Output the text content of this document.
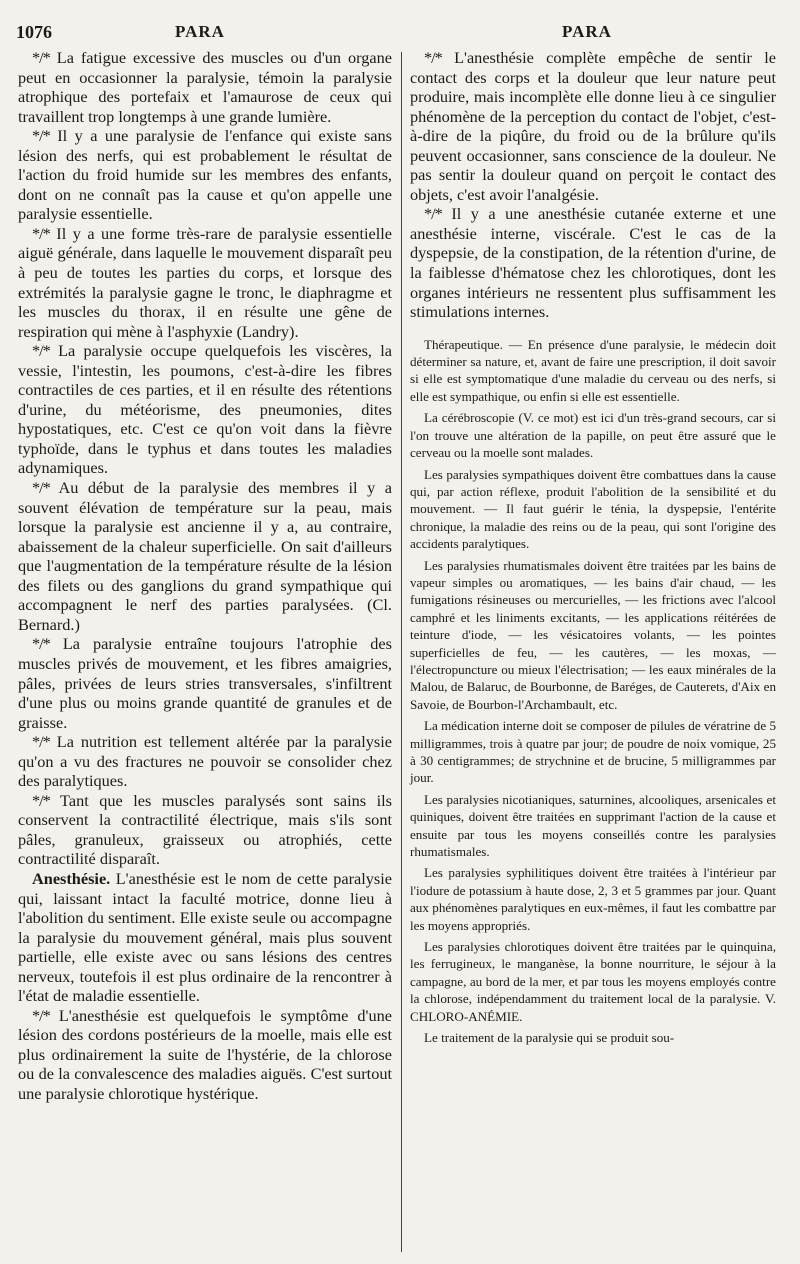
1076	PARA	PARA

*/* La fatigue excessive des muscles ou d'un organe peut en occasionner la paralysie, témoin la paralysie atrophique des portefaix et l'amaurose de ceux qui travaillent trop longtemps à une grande lumière.

*/* Il y a une paralysie de l'enfance qui existe sans lésion des nerfs, qui est probablement le résultat de l'action du froid humide sur les membres des enfants, dont on ne connaît pas la cause et qu'on appelle une paralysie essentielle.

*/* Il y a une forme très-rare de paralysie essentielle aiguë générale, dans laquelle le mouvement disparaît peu à peu de toutes les parties du corps, et lorsque des extrémités la paralysie gagne le tronc, le diaphragme et les muscles du thorax, il en résulte une gêne de respiration qui mène à l'asphyxie (Landry).

*/* La paralysie occupe quelquefois les viscères, la vessie, l'intestin, les poumons, c'est-à-dire les fibres contractiles de ces parties, et il en résulte des rétentions d'urine, du météorisme, des pneumonies, dites hypostatiques, etc. C'est ce qu'on voit dans la fièvre typhoïde, dans le typhus et dans toutes les maladies adynamiques.

*/* Au début de la paralysie des membres il y a souvent élévation de température sur la peau, mais lorsque la paralysie est ancienne il y a, au contraire, abaissement de la chaleur superficielle. On sait d'ailleurs que l'augmentation de la température résulte de la lésion des filets ou des ganglions du grand sympathique qui accompagnent le nerf des parties paralysées. (Cl. Bernard.)

*/* La paralysie entraîne toujours l'atrophie des muscles privés de mouvement, et les fibres amaigries, pâles, privées de leurs stries transversales, s'infiltrent d'une plus ou moins grande quantité de granules et de graisse.

*/* La nutrition est tellement altérée par la paralysie qu'on a vu des fractures ne pouvoir se consolider chez des paralytiques.

*/* Tant que les muscles paralysés sont sains ils conservent la contractilité électrique, mais s'ils sont pâles, granuleux, graisseux ou atrophiés, cette contractilité disparaît.

Anesthésie. L'anesthésie est le nom de cette paralysie qui, laissant intact la faculté motrice, donne lieu à l'abolition du sentiment. Elle existe seule ou accompagne la paralysie du mouvement général, mais plus souvent partielle, elle existe avec ou sans lésions des centres nerveux, toutefois il est plus ordinaire de la rencontrer à l'état de maladie essentielle.

*/* L'anesthésie est quelquefois le symptôme d'une lésion des cordons postérieurs de la moelle, mais elle est plus ordinairement la suite de l'hystérie, de la chlorose ou de la convalescence des maladies aiguës. C'est surtout une paralysie chlorotique hystérique.

*/* L'anesthésie complète empêche de sentir le contact des corps et la douleur que leur nature peut produire, mais incomplète elle donne lieu à ce singulier phénomène de la perception du contact de l'objet, c'est-à-dire de la piqûre, du froid ou de la brûlure qu'ils peuvent occasionner, sans conscience de la douleur. Ne pas sentir la douleur quand on perçoit le contact des objets, c'est avoir l'analgésie.

*/* Il y a une anesthésie cutanée externe et une anesthésie interne, viscérale. C'est le cas de la dyspepsie, de la constipation, de la rétention d'urine, de la faiblesse d'hématose chez les chlorotiques, dont les organes intérieurs ne ressentent plus suffisamment les stimulations internes.

Thérapeutique. — En présence d'une paralysie, le médecin doit déterminer sa nature, et, avant de faire une prescription, il doit savoir si elle est symptomatique d'une maladie du cerveau ou des nerfs, si elle est sympathique, ou enfin si elle est essentielle.

La cérébroscopie (V. ce mot) est ici d'un très-grand secours, car si l'on trouve une altération de la papille, on peut être assuré que le cerveau ou la moelle sont malades.

Les paralysies sympathiques doivent être combattues dans la cause qui, par action réflexe, produit l'abolition de la sensibilité et du mouvement. — Il faut guérir le ténia, la dyspepsie, l'entérite chronique, la maladie des reins ou de la peau, qui sont l'origine des accidents paralytiques.

Les paralysies rhumatismales doivent être traitées par les bains de vapeur simples ou aromatiques, — les bains d'air chaud, — les fumigations résineuses ou mercurielles, — les frictions avec l'alcool camphré et les liniments excitants, — les applications réitérées de teinture d'iode, — les vésicatoires volants, — les pointes superficielles de feu, — les cautères, — les moxas, — l'électropuncture ou mieux l'électrisation; — les eaux minérales de la Malou, de Balaruc, de Bourbonne, de Baréges, de Cauterets, d'Aix en Savoie, de Bourbon-l'Archambault, etc.

La médication interne doit se composer de pilules de vératrine de 5 milligrammes, trois à quatre par jour; de poudre de noix vomique, 25 à 30 centigrammes; de strychnine et de brucine, 5 milligrammes par jour.

Les paralysies nicotianiques, saturnines, alcooliques, arsenicales et quiniques, doivent être traitées en supprimant l'action de la cause et ensuite par tous les moyens conseillés contre les paralysies rhumatismales.

Les paralysies syphilitiques doivent être traitées à l'intérieur par l'iodure de potassium à haute dose, 2, 3 et 5 grammes par jour. Quant aux phénomènes paralytiques en eux-mêmes, il faut les combattre par les moyens appropriés.

Les paralysies chlorotiques doivent être traitées par le quinquina, les ferrugineux, le manganèse, la bonne nourriture, le séjour à la campagne, au bord de la mer, et par tous les moyens employés contre la chlorose, indépendamment du traitement local de la paralysie. V. CHLORO-ANÉMIE.

Le traitement de la paralysie qui se produit sou-
